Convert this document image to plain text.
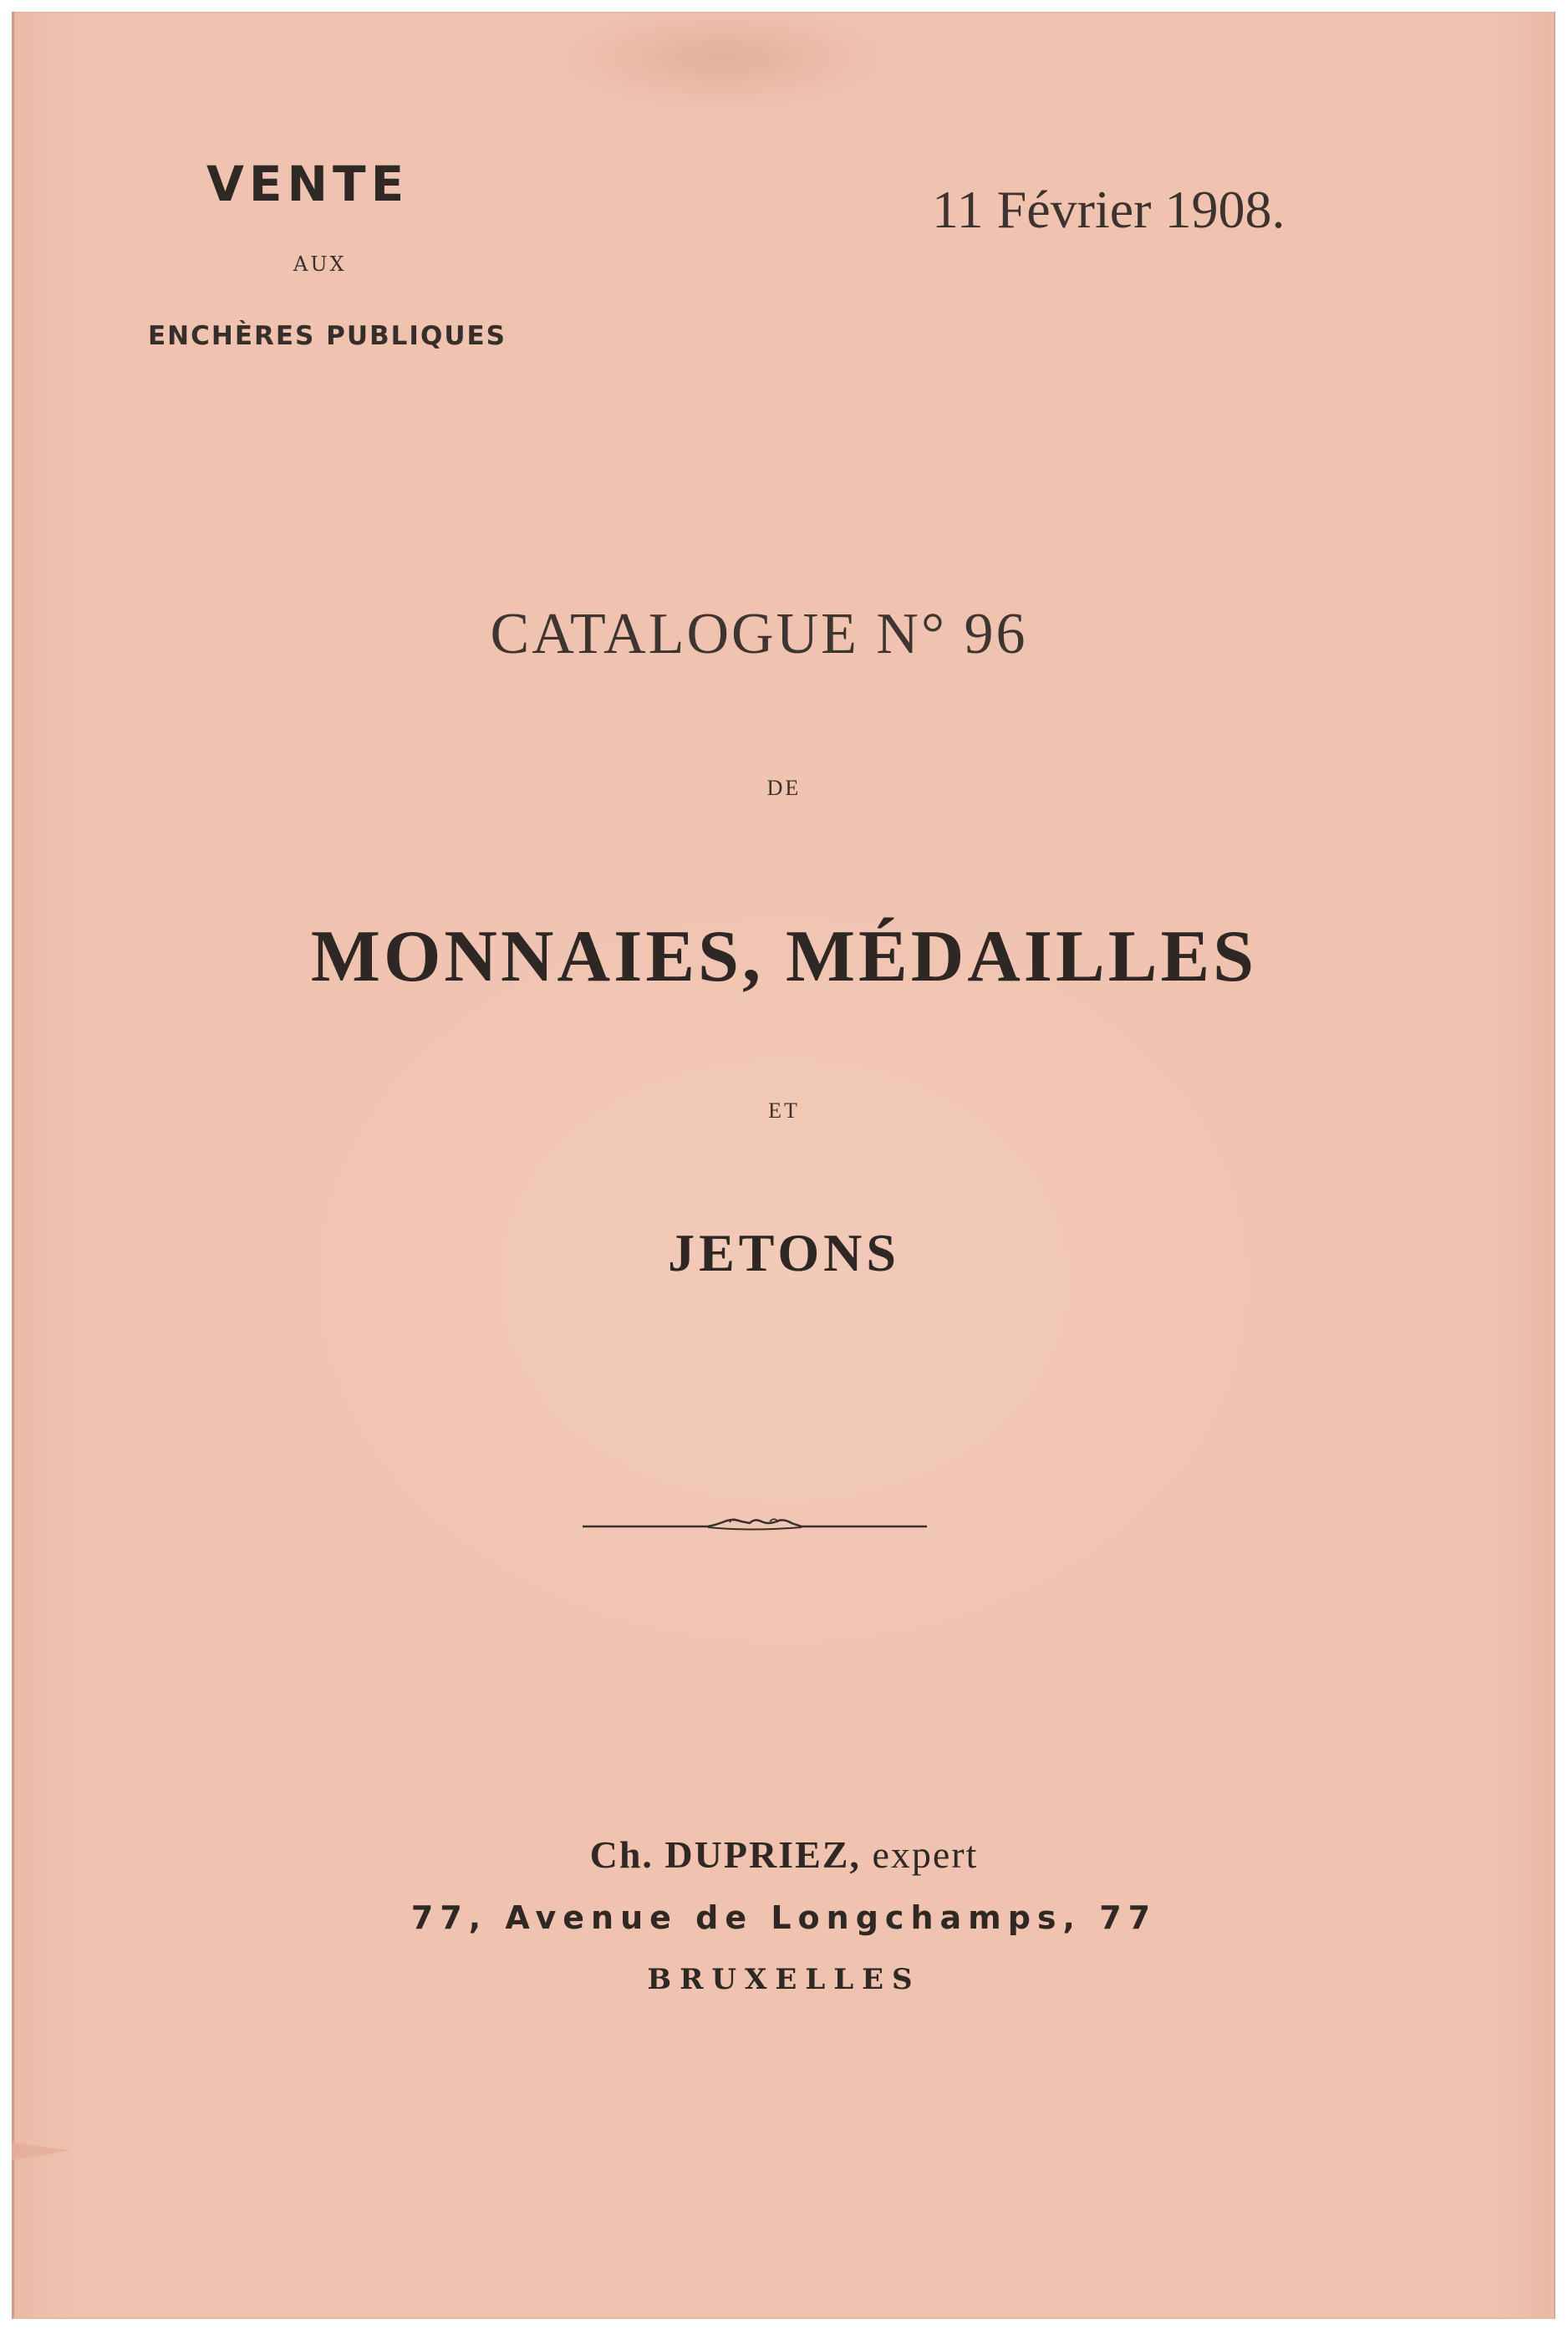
VENTE

AUX

ENCHÈRES PUBLIQUES

11 Février 1908.

CATALOGUE N° 96

DE

MONNAIES, MÉDAILLES

ET

JETONS

Ch. DUPRIEZ, expert

77, Avenue de Longchamps, 77

BRUXELLES
